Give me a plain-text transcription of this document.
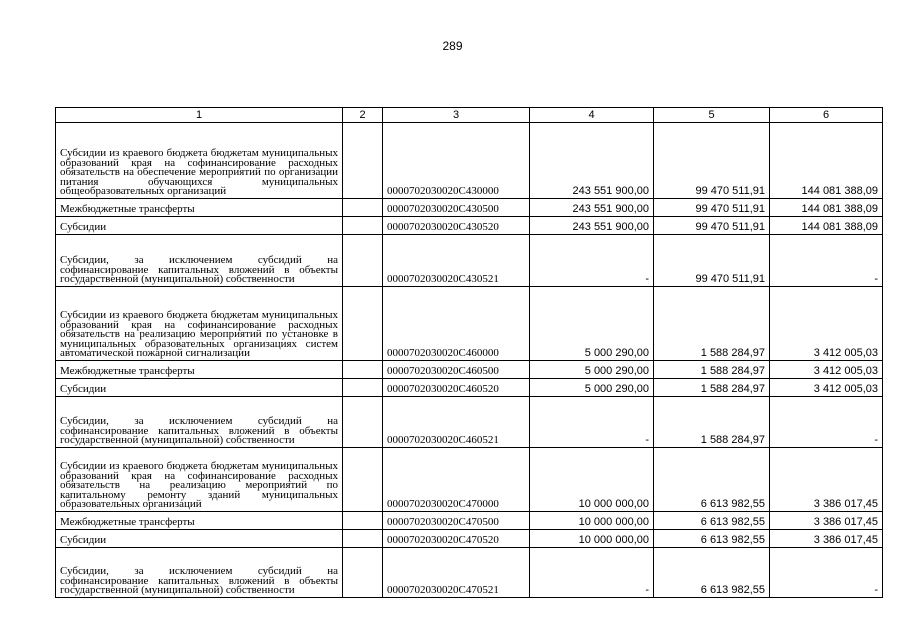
289
1	2	3	4	5	6
Субсидии из краевого бюджета бюджетам муниципальных образований края на софинансирование расходных обязательств на обеспечение мероприятий по организации питания обучающихся муниципальных общеобразовательных организаций		0000702030020С430000	243 551 900,00	99 470 511,91	144 081 388,09
Межбюджетные трансферты		0000702030020С430500	243 551 900,00	99 470 511,91	144 081 388,09
Субсидии		0000702030020С430520	243 551 900,00	99 470 511,91	144 081 388,09
Субсидии, за исключением субсидий на софинансирование капитальных вложений в объекты государственной (муниципальной) собственности		0000702030020С430521	-	99 470 511,91	-
Субсидии из краевого бюджета бюджетам муниципальных образований края на софинансирование расходных обязательств на реализацию мероприятий по установке в муниципальных образовательных организациях систем автоматической пожарной сигнализации		0000702030020С460000	5 000 290,00	1 588 284,97	3 412 005,03
Межбюджетные трансферты		0000702030020С460500	5 000 290,00	1 588 284,97	3 412 005,03
Субсидии		0000702030020С460520	5 000 290,00	1 588 284,97	3 412 005,03
Субсидии, за исключением субсидий на софинансирование капитальных вложений в объекты государственной (муниципальной) собственности		0000702030020С460521	-	1 588 284,97	-
Субсидии из краевого бюджета бюджетам муниципальных образований края на софинансирование расходных обязательств на реализацию мероприятий по капитальному ремонту зданий муниципальных образовательных организаций		0000702030020С470000	10 000 000,00	6 613 982,55	3 386 017,45
Межбюджетные трансферты		0000702030020С470500	10 000 000,00	6 613 982,55	3 386 017,45
Субсидии		0000702030020С470520	10 000 000,00	6 613 982,55	3 386 017,45
Субсидии, за исключением субсидий на софинансирование капитальных вложений в объекты государственной (муниципальной) собственности		0000702030020С470521	-	6 613 982,55	-
